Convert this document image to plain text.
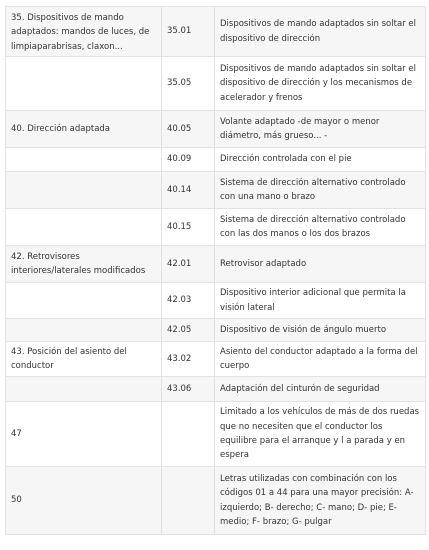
35. Dispositivos de mando adaptados: mandos de luces, de limpiaparabrisas, claxon...	35.01	Dispositivos de mando adaptados sin soltar el dispositivo de dirección
	35.05	Dispositivos de mando adaptados sin soltar el dispositivo de dirección y los mecanismos de acelerador y frenos
40. Dirección adaptada	40.05	Volante adaptado -de mayor o menor diámetro, más grueso... -
	40.09	Dirección controlada con el pie
	40.14	Sistema de dirección alternativo controlado con una mano o brazo
	40.15	Sistema de dirección alternativo controlado con las dos manos o los dos brazos
42. Retrovisores interiores/laterales modificados	42.01	Retrovisor adaptado
	42.03	Dispositivo interior adicional que permita la visión lateral
	42.05	Dispositivo de visión de ángulo muerto
43. Posición del asiento del conductor	43.02	Asiento del conductor adaptado a la forma del cuerpo
	43.06	Adaptación del cinturón de seguridad
47		Limitado a los vehículos de más de dos ruedas que no necesiten que el conductor los equilibre para el arranque y l a parada y en espera
50		Letras utilizadas con combinación con los códigos 01 a 44 para una mayor precisión: A- izquierdo; B- derecho; C- mano; D- pie; E- medio; F- brazo; G- pulgar
